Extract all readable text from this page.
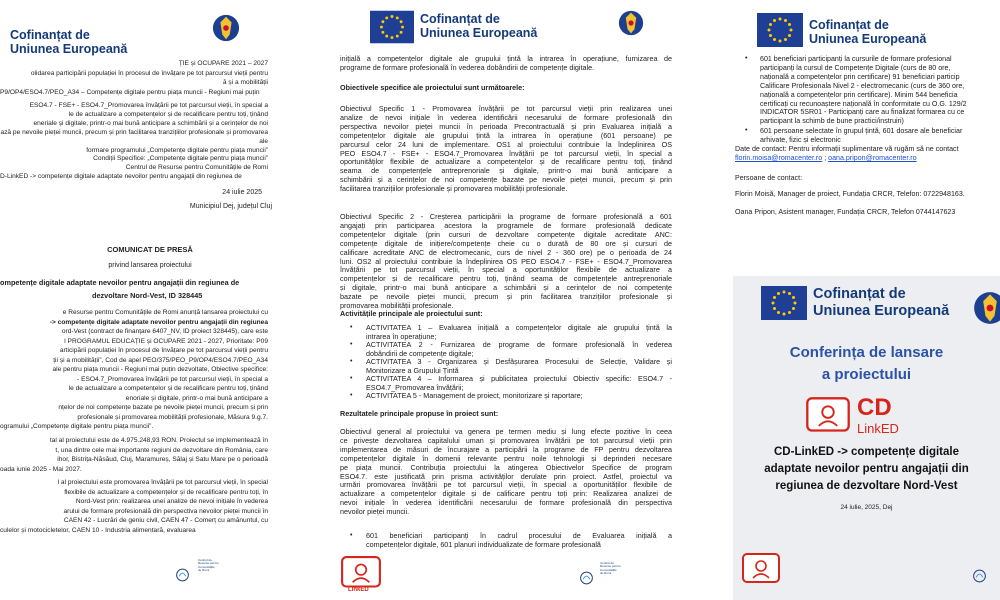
Cofinanțat de
Uniunea Europeană
ȚIE și OCUPARE 2021 – 2027
olidarea participării populației în procesul de învățare pe tot parcursul vieții pentru
ă și a mobilității
P9/OP4/ESO4.7/PEO_A34 – Competențe digitale pentru piața muncii - Regiuni mai puțin
ESO4.7 - FSE+ - ESO4.7_Promovarea învățării pe tot parcursul vieții, în special a
le de actualizare a competențelor și de recalificare pentru toți, ținând
eneriale și digitale, printr-o mai bună anticipare a schimbării și a cerințelor de noi
ază pe nevoile pieței muncii, precum și prin facilitarea tranzițiilor profesionale și promovarea
ale
formare programului „Competențe digitale pentru piața muncii”
Condiții Specifice: „Competențe digitale pentru piața muncii”
Centrul de Resurse pentru Comunitățile de Romi
D-LinkED -> competențe digitale adaptate nevoilor pentru angajații din regiunea de
24 iulie 2025
Municipiul Dej, județul Cluj
COMUNICAT DE PRESĂ
privind lansarea proiectului
ompetențe digitale adaptate nevoilor pentru angajații din regiunea de
dezvoltare Nord-Vest, ID 328445
e Resurse pentru Comunitățile de Romi anunță lansarea proiectului cu
-> competențe digitale adaptate nevoilor pentru angajații din regiunea
ord-Vest (contract de finanțare 6407_NV, ID proiect 328445), care este
l PROGRAMUL EDUCAȚIE și OCUPARE 2021 - 2027, Prioritate: P09
articipării populației în procesul de învățare pe tot parcursul vieții pentru
ții și a mobilității”, Cod de apel PEO/375/PEO_P9/OP4/ESO4.7/PEO_A34
ale pentru piața muncii - Regiuni mai puțin dezvoltate, Obiective specifice:
- ESO4.7_Promovarea învățării pe tot parcursul vieții, în special a
le de actualizare a competențelor și de recalificare pentru toți, ținând
enoriale și digitale, printr-o mai bună anticipare a
nțelor de noi competențe bazate pe nevoile pieței muncii, precum și prin
profesionale și promovarea mobilității profesionale, Măsura 9.g.7.
ogramului „Competențe digitale pentru piața muncii”.
tal al proiectului este de 4.975.248,93 RON. Proiectul se implementează în
t, una dintre cele mai importante regiuni de dezvoltare din România, care
ihor, Bistrița-Năsăud, Cluj, Maramureș, Sălaj și Satu Mare pe o perioadă
oada iunie 2025 - Mai 2027.
l al proiectului este promovarea învățării pe tot parcursul vieții, în special
flexibile de actualizare a competențelor și de recalificare pentru toți, în
Nord-Vest prin: realizarea unei analize de nevoi inițiale în vederea
arului de formare profesională din perspectiva nevoilor pieței muncii în
CAEN 42 - Lucrări de geniu civil, CAEN 47 - Comerț cu amănuntul, cu
culelor și motocicletelor, CAEN 10 - Industria alimentară, evaluarea
Centrul de
Resurse pentru
Comunitățile
de Romi
Cofinanțat de
Uniunea Europeană
inițială a competențelor digitale ale grupului țintă la intrarea în operațiune, furnizarea de
programe de formare profesională în vederea dobândirii de competențe digitale.
Obiectivele specifice ale proiectului sunt următoarele:
Obiectivul Specific 1 - Promovarea învățării pe tot parcursul vieții prin realizarea unei
analize de nevoi inițiale în vederea identificării necesarului de formare profesională din
perspectiva nevoilor pieței muncii în perioada Precontractuală și prin Evaluarea inițială a
competențelor digitale ale grupului țintă la intrarea în operațiune (601 persoane) pe
parcursul celor 24 luni de implementare. OS1 al proiectului contribuie la îndeplinirea OS
PEO ESO4.7 - FSE+ - ESO4.7_Promovarea învățării pe tot parcursul vieții, în special a
oportunităților flexibile de actualizare a competențelor și de recalificare pentru toți, ținând
seama de competențele antreprenoriale și digitale, printr-o mai bună anticipare a
schimbării și a cerințelor de noi competențe bazate pe nevoile pieței muncii, precum și prin
facilitarea tranzițiilor profesionale și promovarea mobilității profesionale.
Obiectivul Specific 2 - Creșterea participării la programe de formare profesională a 601
angajați prin participarea acestora la programele de formare profesională dedicate
competențelor digitale (prin cursuri de dezvoltare competențe digitale acreditate ANC:
competențe digitale de inițiere/competențe cheie cu o durată de 80 ore și cursuri de
calificare acreditate ANC de electromecanic, curs de nivel 2 - 360 ore) pe o perioada de 24
luni. OS2 al proiectului contribuie la îndeplinirea OS PEO ESO4.7 - FSE+ - ESO4.7_Promovarea
învățării pe tot parcursul vieții, în special a oportunităților flexibile de actualizare a
competențelor și de recalificare pentru toți, ținând seama de competențele antreprenoriale
și digitale, printr-o mai bună anticipare a schimbării și a cerințelor de noi competențe
bazate pe nevoile pieței muncii, precum și prin facilitarea tranzițiilor profesionale și
promovarea mobilității profesionale.
Activitățile principale ale proiectului sunt:
• ACTIVITATEA 1 – Evaluarea inițială a competențelor digitale ale grupului țintă la
intrarea în operațiune;
• ACTIVITATEA 2 - Furnizarea de programe de formare profesională în vederea
dobândirii de competențe digitale;
• ACTIVITATEA 3 - Organizarea și Desfășurarea Procesului de Selecție, Validare și
Monitorizare a Grupului Țintă
• ACTIVITATEA 4 – Informarea și publicitatea proiectului Obiectiv specific: ESO4.7 -
ESO4.7_Promovarea învățării;
• ACTIVITATEA 5 - Management de proiect, monitorizare și raportare;
Rezultatele principale propuse în proiect sunt:
Obiectivul general al proiectului va genera pe termen mediu și lung efecte pozitive în ceea
ce privește dezvoltarea capitalului uman și promovarea învățării pe tot parcursul vieții prin
implementarea de măsuri de încurajare a participării la programe de FP pentru dezvoltarea
competențelor digitale în domenii relevante pentru noile tehnologii și deprinderi necesare
pe piața muncii. Contribuția proiectului la atingerea Obiectivelor Specifice de program
ESO4.7. este justificată prin prisma activităților derulate prin proiect. Astfel, proiectul va
urmări promovarea învățării pe tot parcursul vieții, în special a oportunităților flexibile de
actualizare a competențelor digitale și de calificare pentru toți prin: Realizarea analizei de
nevoi inițiale în vederea identificării necesarului de formare profesională din perspectiva
nevoilor pieței muncii.
• 601 beneficiari participanți în cadrul procesului de Evaluarea inițială a
competențelor digitale, 601 planuri individualizate de formare profesională
LinkED
Centrul de
Resurse pentru
Comunitățile
de Romi
Cofinanțat de
Uniunea Europeană
• 601 beneficiari participanți la cursurile de formare profesional
participanți la cursul de Competențe Digitale (curs de 80 ore,
națională a competențelor prin certificare) 91 beneficiari particip
Calificare Profesionala Nivel 2 - electromecanic (curs de 360 ore,
națională a competențelor prin certificare). Minim 544 beneficia
certificați cu recunoaștere națională în conformitate cu O.G. 129/2
INDICATOR 5SR01 - Participanți care au finalizat formarea cu ce
participant la schimb de bune practici/instruiri)
• 601 persoane selectate în grupul țintă, 601 dosare ale beneficiar
arhivate, fizic și electronic
Date de contact: Pentru informații suplimentare vă rugăm să ne contact
florin.moisa@romacenter.ro ; oana.pripon@romacenter.ro
Persoane de contact:
Florin Moisă, Manager de proiect, Fundația CRCR, Telefon: 0722948163.
Oana Pripon, Asistent manager, Fundația CRCR, Telefon 0744147623
Cofinanțat de
Uniunea Europeană
Conferința de lansare
a proiectului
CD
LinkED
CD-LinkED -> competențe digitale
adaptate nevoilor pentru angajații din
regiunea de dezvoltare Nord-Vest
24 iulie, 2025, Dej
